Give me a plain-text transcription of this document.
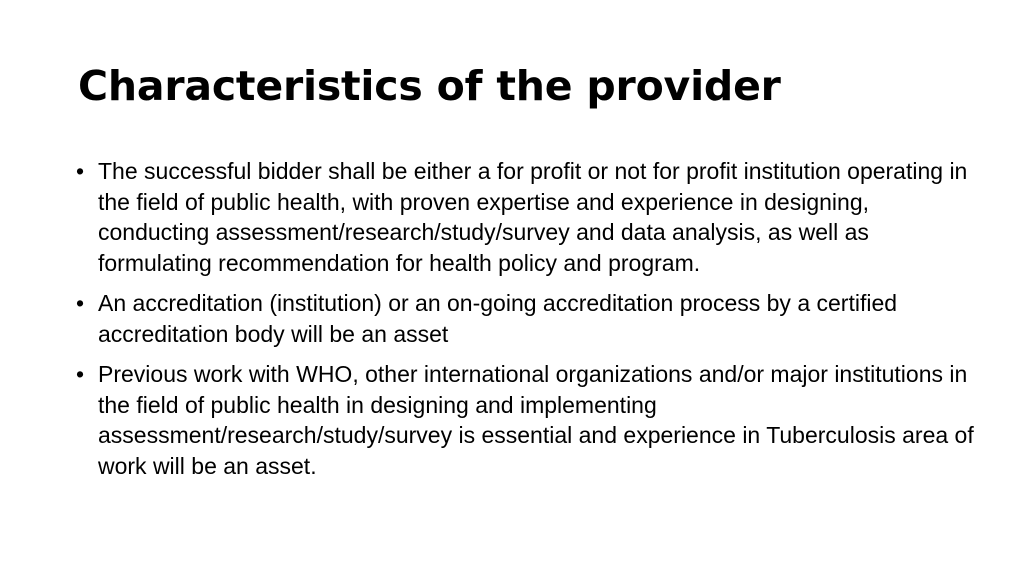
Characteristics of the provider
• The successful bidder shall be either a for profit or not for profit institution operating in the field of public health, with proven expertise and experience in designing, conducting assessment/research/study/survey and data analysis, as well as formulating recommendation for health policy and program.
• An accreditation (institution) or an on-going accreditation process by a certified accreditation body will be an asset
• Previous work with WHO, other international organizations and/or major institutions in the field of public health in designing and implementing assessment/research/study/survey is essential and experience in Tuberculosis area of work will be an asset.
